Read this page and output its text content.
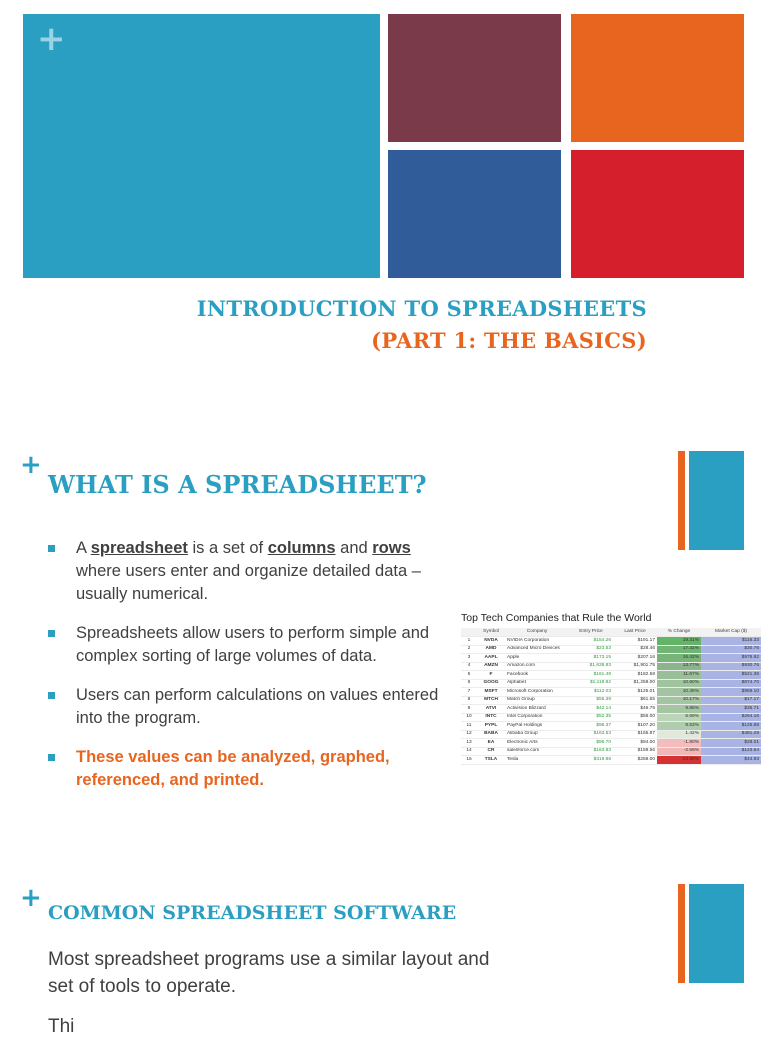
+
INTRODUCTION TO SPREADSHEETS
(PART 1: THE BASICS)
+
WHAT IS A SPREADSHEET?
A spreadsheet is a set of columns and rows where users enter and organize detailed data – usually numerical.
Spreadsheets allow users to perform simple and complex sorting of large volumes of data.
Users can perform calculations on values entered into the program.
These values can be analyzed, graphed, referenced, and printed.
Top Tech Companies that Rule the World
	Symbol	Company	Entry Price	Last Price	% Change	Market Cap ($)
1	NVDA	NVIDIA Corporation	$154.26	$191.17	19.31%	$116.33
2	AMD	Advanced Micro Devices	$23.53	$28.46	17.32%	$30.76
3	AAPL	Apple	$173.15	$207.16	16.42%	$976.82
4	AMZN	Amazon.com	$1,639.83	$1,901.75	13.77%	$930.76
5	F	Facebook	$161.48	$182.58	11.67%	$521.36
6	GOOG	Alphabet	$1,119.92	$1,258.00	10.60%	$874.70
7	MSFT	Microsoft Corporation	$112.03	$125.01	10.36%	$959.10
8	MTCH	Match Group	$55.39	$61.65	10.17%	$17.17
9	ATVI	Activision Blizzard	$42.14	$46.75	9.86%	$35.71
10	INTC	Intel Corporation	$52.35	$56.00	6.69%	$264.16
11	PYPL	PayPal Holdings	$98.37	$107.20	8.53%	$125.68
12	BABA	Alibaba Group	$163.53	$165.87	1.42%	$481.29
13	EA	Electronic Arts	$95.70	$94.00	-1.80%	$28.01
14	CR	salesforce.com	$163.83	$159.56	-2.56%	$123.64
15	TSLA	Tesla	$319.88	$258.00	-23.98%	$44.93
+ COMMON SPREADSHEET SOFTWARE
Most spreadsheet programs use a similar layout and set of tools to operate.
Thi
